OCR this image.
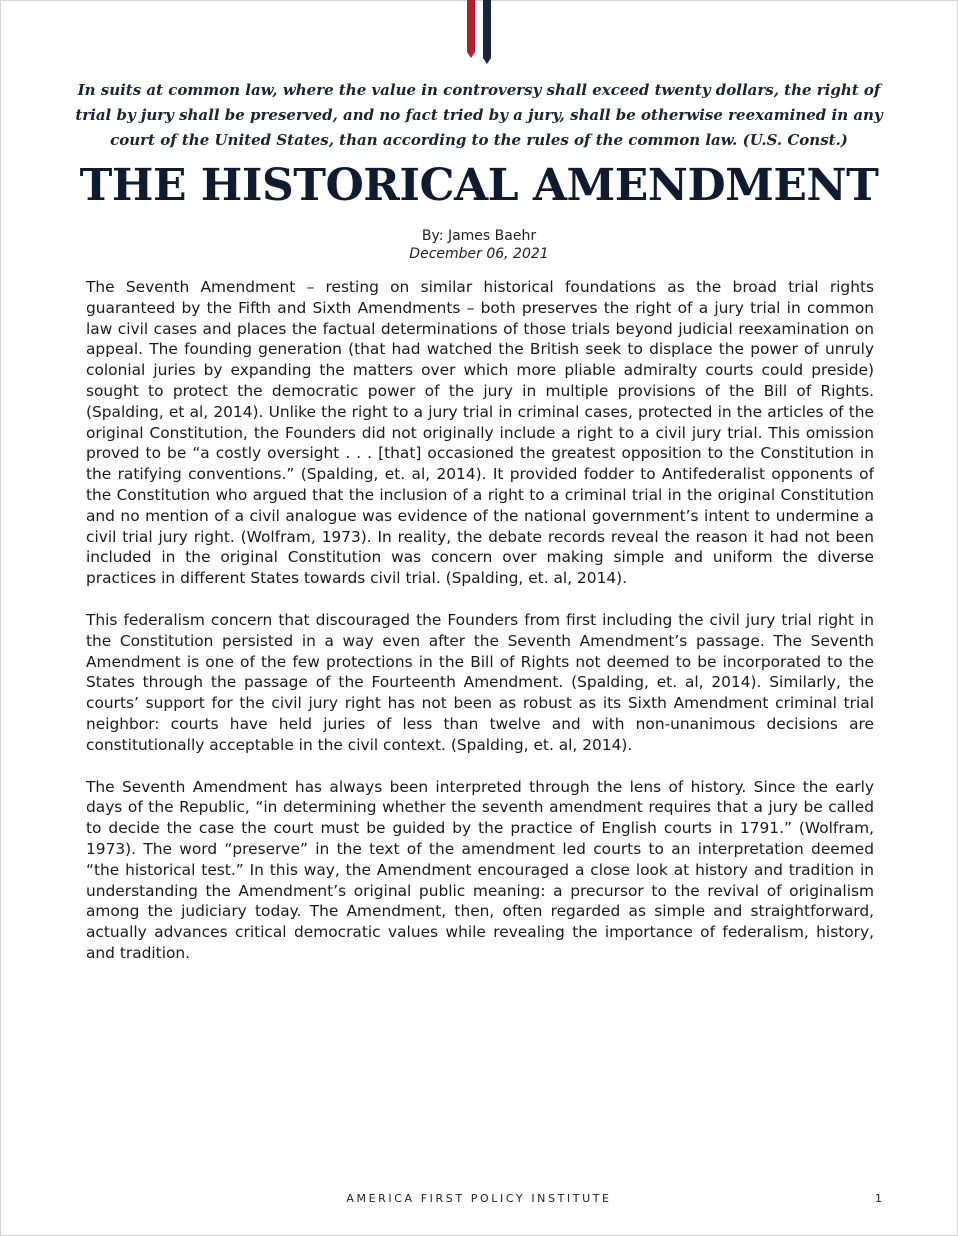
In suits at common law, where the value in controversy shall exceed twenty dollars, the right of trial by jury shall be preserved, and no fact tried by a jury, shall be otherwise reexamined in any court of the United States, than according to the rules of the common law. (U.S. Const.)
THE HISTORICAL AMENDMENT
By: James Baehr
December 06, 2021

The Seventh Amendment – resting on similar historical foundations as the broad trial rights guaranteed by the Fifth and Sixth Amendments – both preserves the right of a jury trial in common law civil cases and places the factual determinations of those trials beyond judicial reexamination on appeal. The founding generation (that had watched the British seek to displace the power of unruly colonial juries by expanding the matters over which more pliable admiralty courts could preside) sought to protect the democratic power of the jury in multiple provisions of the Bill of Rights. (Spalding, et al, 2014). Unlike the right to a jury trial in criminal cases, protected in the articles of the original Constitution, the Founders did not originally include a right to a civil jury trial. This omission proved to be “a costly oversight . . . [that] occasioned the greatest opposition to the Constitution in the ratifying conventions.” (Spalding, et. al, 2014). It provided fodder to Antifederalist opponents of the Constitution who argued that the inclusion of a right to a criminal trial in the original Constitution and no mention of a civil analogue was evidence of the national government’s intent to undermine a civil trial jury right. (Wolfram, 1973). In reality, the debate records reveal the reason it had not been included in the original Constitution was concern over making simple and uniform the diverse practices in different States towards civil trial. (Spalding, et. al, 2014).

This federalism concern that discouraged the Founders from first including the civil jury trial right in the Constitution persisted in a way even after the Seventh Amendment’s passage. The Seventh Amendment is one of the few protections in the Bill of Rights not deemed to be incorporated to the States through the passage of the Fourteenth Amendment. (Spalding, et. al, 2014). Similarly, the courts’ support for the civil jury right has not been as robust as its Sixth Amendment criminal trial neighbor: courts have held juries of less than twelve and with non-unanimous decisions are constitutionally acceptable in the civil context. (Spalding, et. al, 2014).

The Seventh Amendment has always been interpreted through the lens of history. Since the early days of the Republic, “in determining whether the seventh amendment requires that a jury be called to decide the case the court must be guided by the practice of English courts in 1791.” (Wolfram, 1973). The word “preserve” in the text of the amendment led courts to an interpretation deemed “the historical test.” In this way, the Amendment encouraged a close look at history and tradition in understanding the Amendment’s original public meaning: a precursor to the revival of originalism among the judiciary today. The Amendment, then, often regarded as simple and straightforward, actually advances critical democratic values while revealing the importance of federalism, history, and tradition.

AMERICA FIRST POLICY INSTITUTE	1
